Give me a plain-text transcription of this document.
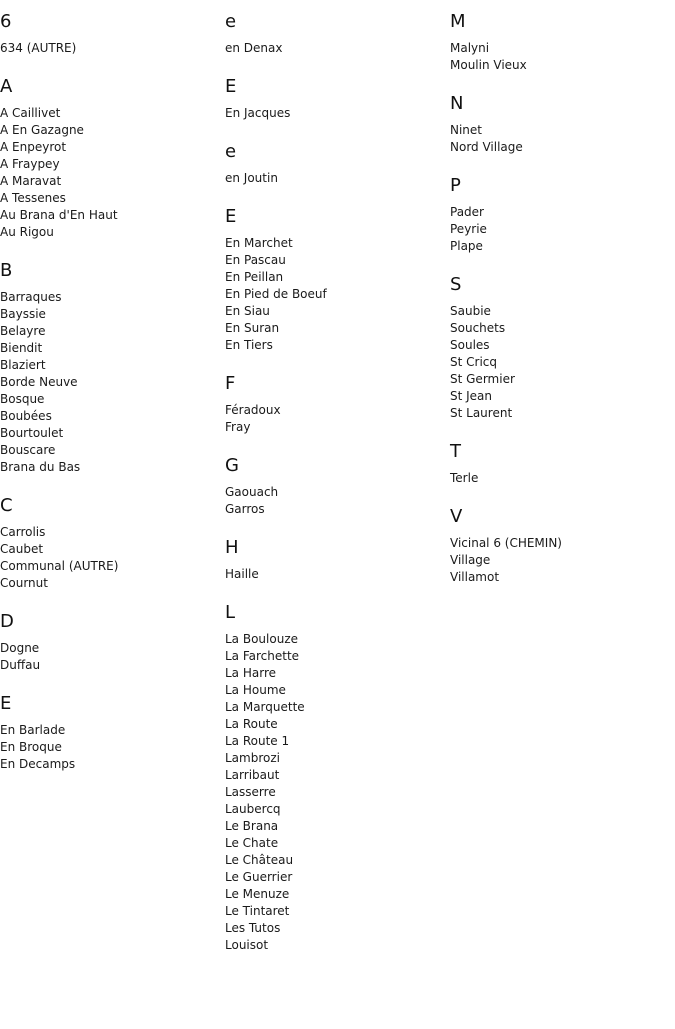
6
634 (AUTRE)
A
A Caillivet
A En Gazagne
A Enpeyrot
A Fraypey
A Maravat
A Tessenes
Au Brana d'En Haut
Au Rigou
B
Barraques
Bayssie
Belayre
Biendit
Blaziert
Borde Neuve
Bosque
Boubées
Bourtoulet
Bouscare
Brana du Bas
C
Carrolis
Caubet
Communal (AUTRE)
Cournut
D
Dogne
Duffau
E
En Barlade
En Broque
En Decamps
e
en Denax
E
En Jacques
e
en Joutin
E
En Marchet
En Pascau
En Peillan
En Pied de Boeuf
En Siau
En Suran
En Tiers
F
Féradoux
Fray
G
Gaouach
Garros
H
Haille
L
La Boulouze
La Farchette
La Harre
La Houme
La Marquette
La Route
La Route 1
Lambrozi
Larribaut
Lasserre
Laubercq
Le Brana
Le Chate
Le Château
Le Guerrier
Le Menuze
Le Tintaret
Les Tutos
Louisot
M
Malyni
Moulin Vieux
N
Ninet
Nord Village
P
Pader
Peyrie
Plape
S
Saubie
Souchets
Soules
St Cricq
St Germier
St Jean
St Laurent
T
Terle
V
Vicinal 6 (CHEMIN)
Village
Villamot
